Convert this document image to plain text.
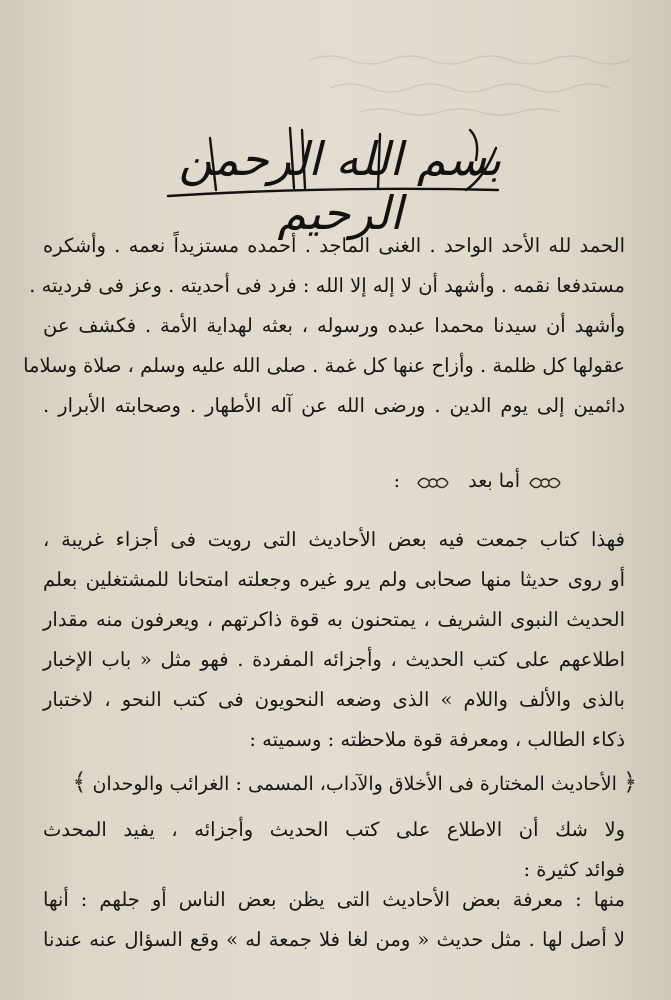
بسم الله الرحمن الرحيم
الحمد لله الأحد الواحد . الغنى الماجد . أحمده مستزيداً نعمه . وأشكره
مستدفعا نقمه . وأشهد أن لا إله إلا الله : فرد فى أحديته . وعز فى فرديته .
وأشهد أن سيدنا محمدا عبده ورسوله ، بعثه لهداية الأمة . فكشف عن
عقولها كل ظلمة . وأزاح عنها كل غمة . صلى الله عليه وسلم ، صلاة وسلاما
دائمين إلى يوم الدين . ورضى الله عن آله الأطهار . وصحابته الأبرار .
أما بعد
:
فهذا كتاب جمعت فيه بعض الأحاديث التى رويت فى أجزاء غريبة ،
أو روى حديثا منها صحابى ولم يرو غيره وجعلته امتحانا للمشتغلين بعلم
الحديث النبوى الشريف ، يمتحنون به قوة ذاكرتهم ، ويعرفون منه مقدار
اطلاعهم على كتب الحديث ، وأجزائه المفردة . فهو مثل « باب الإخبار
بالذى والألف واللام » الذى وضعه النحويون فى كتب النحو ، لاختبار
ذكاء الطالب ، ومعرفة قوة ملاحظته : وسميته :
﴿ الأحاديث المختارة فى الأخلاق والآداب، المسمى : الغرائب والوحدان ﴾
ولا شك أن الاطلاع على كتب الحديث وأجزائه ، يفيد المحدث
فوائد كثيرة :
منها : معرفة بعض الأحاديث التى يظن بعض الناس أو جلهم : أنها
لا أصل لها . مثل حديث « ومن لغا فلا جمعة له » وقع السؤال عنه عندنا
